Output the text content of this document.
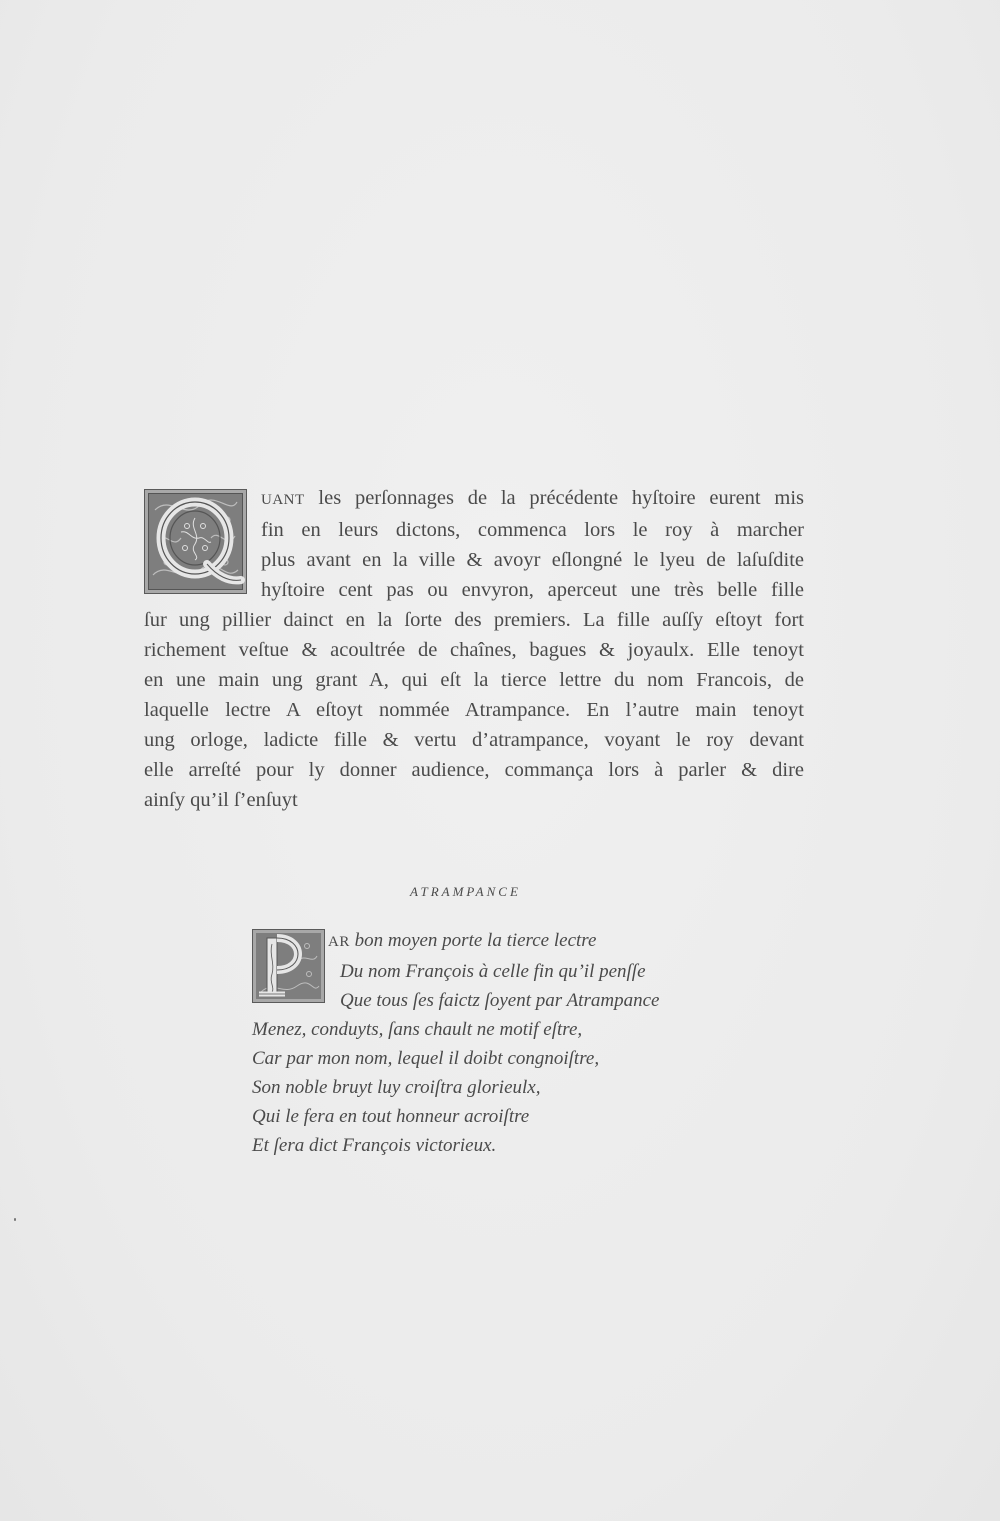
UANT les perſonnages de la précédente hyſtoire eurent mis
fin en leurs dictons, commenca lors le roy à marcher
plus avant en la ville & avoyr eſlongné le lyeu de laſuſdite
hyſtoire cent pas ou envyron, aperceut une très belle fille
ſur ung pillier dainct en la ſorte des premiers. La fille auſſy eſtoyt fort
richement veſtue & acoultrée de chaînes, bagues & joyaulx. Elle tenoyt
en une main ung grant A, qui eſt la tierce lettre du nom Francois, de
laquelle lectre A eſtoyt nommée Atrampance. En l’autre main tenoyt
ung orloge, ladicte fille & vertu d’atrampance, voyant le roy devant
elle arreſté pour ly donner audience, commança lors à parler & dire
ainſy qu’il ſ’enſuyt
ATRAMPANCE
AR bon moyen porte la tierce lectre
Du nom François à celle fin qu’il penſſe
Que tous ſes faictz ſoyent par Atrampance
Menez, conduyts, ſans chault ne motif eſtre,
Car par mon nom, lequel il doibt congnoiſtre,
Son noble bruyt luy croiſtra glorieulx,
Qui le fera en tout honneur acroiſtre
Et ſera dict François victorieux.
